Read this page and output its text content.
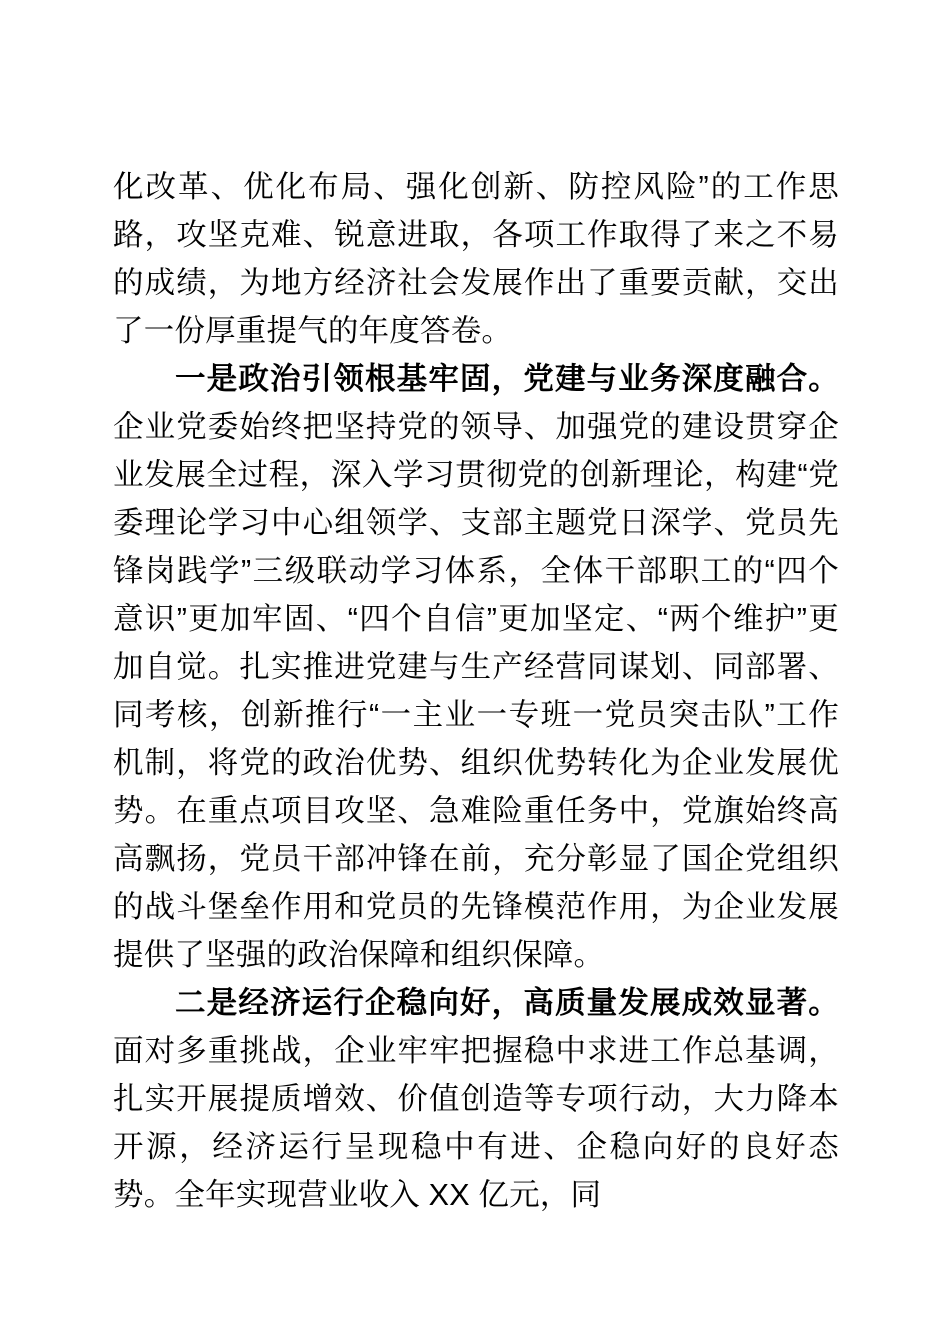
化改革、优化布局、强化创新、防控风险”的工作思路，攻坚克难、锐意进取，各项工作取得了来之不易的成绩，为地方经济社会发展作出了重要贡献，交出了一份厚重提气的年度答卷。

一是政治引领根基牢固，党建与业务深度融合。企业党委始终把坚持党的领导、加强党的建设贯穿企业发展全过程，深入学习贯彻党的创新理论，构建“党委理论学习中心组领学、支部主题党日深学、党员先锋岗践学”三级联动学习体系，全体干部职工的“四个意识”更加牢固、“四个自信”更加坚定、“两个维护”更加自觉。扎实推进党建与生产经营同谋划、同部署、同考核，创新推行“一主业一专班一党员突击队”工作机制，将党的政治优势、组织优势转化为企业发展优势。在重点项目攻坚、急难险重任务中，党旗始终高高飘扬，党员干部冲锋在前，充分彰显了国企党组织的战斗堡垒作用和党员的先锋模范作用，为企业发展提供了坚强的政治保障和组织保障。

二是经济运行企稳向好，高质量发展成效显著。面对多重挑战，企业牢牢把握稳中求进工作总基调，扎实开展提质增效、价值创造等专项行动，大力降本开源，经济运行呈现稳中有进、企稳向好的良好态势。全年实现营业收入 XX 亿元，同
